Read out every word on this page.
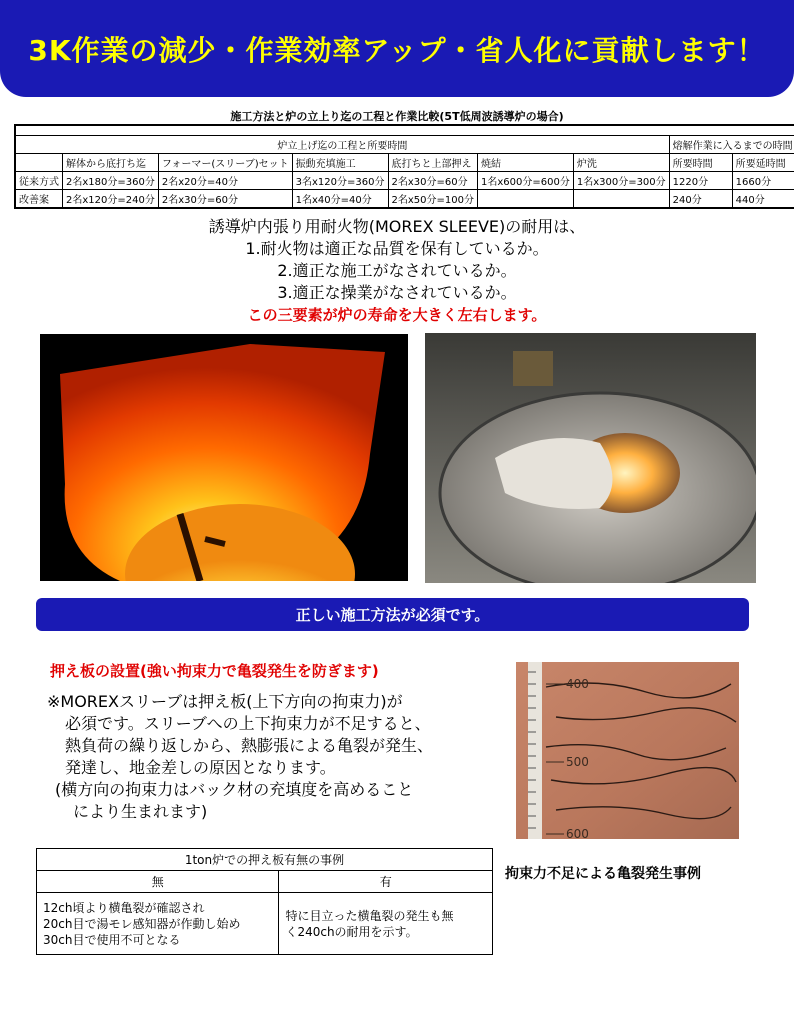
3K作業の減少・作業効率アップ・省人化に貢献します！
施工方法と炉の立上り迄の工程と作業比較(5T低周波誘導炉の場合)

炉立上げ迄の工程と所要時間							熔解作業に入るまでの時間	
	解体から底打ち迄	フォーマー(スリーブ)セット	振動充填施工	底打ちと上部押え	焼結	炉洗	所要時間	所要延時間
従来方式	2名x180分=360分	2名x20分=40分	3名x120分=360分	2名x30分=60分	1名x600分=600分	1名x300分=300分	1220分	1660分
改善案	2名x120分=240分	2名x30分=60分	1名x40分=40分	2名x50分=100分			240分	440分
誘導炉内張り用耐火物(MOREX SLEEVE)の耐用は、
1.耐火物は適正な品質を保有しているか。
2.適正な施工がなされているか。
3.適正な操業がなされているか。
この三要素が炉の寿命を大きく左右します。
正しい施工方法が必須です。
押え板の設置(強い拘束力で亀裂発生を防ぎます)
※MOREXスリーブは押え板(上下方向の拘束力)が
必須です。スリーブへの上下拘束力が不足すると、
熱負荷の繰り返しから、熱膨張による亀裂が発生、
発達し、地金差しの原因となります。
(横方向の拘束力はバック材の充填度を高めること
により生まれます)
1ton炉での押え板有無の事例	
無	有

12ch頃より横亀裂が確認され
20ch目で湯モレ感知器が作動し始め
30ch目で使用不可となる	特に目立った横亀裂の発生も無
く240chの耐用を示す。
400
500
600
拘束力不足による亀裂発生事例
